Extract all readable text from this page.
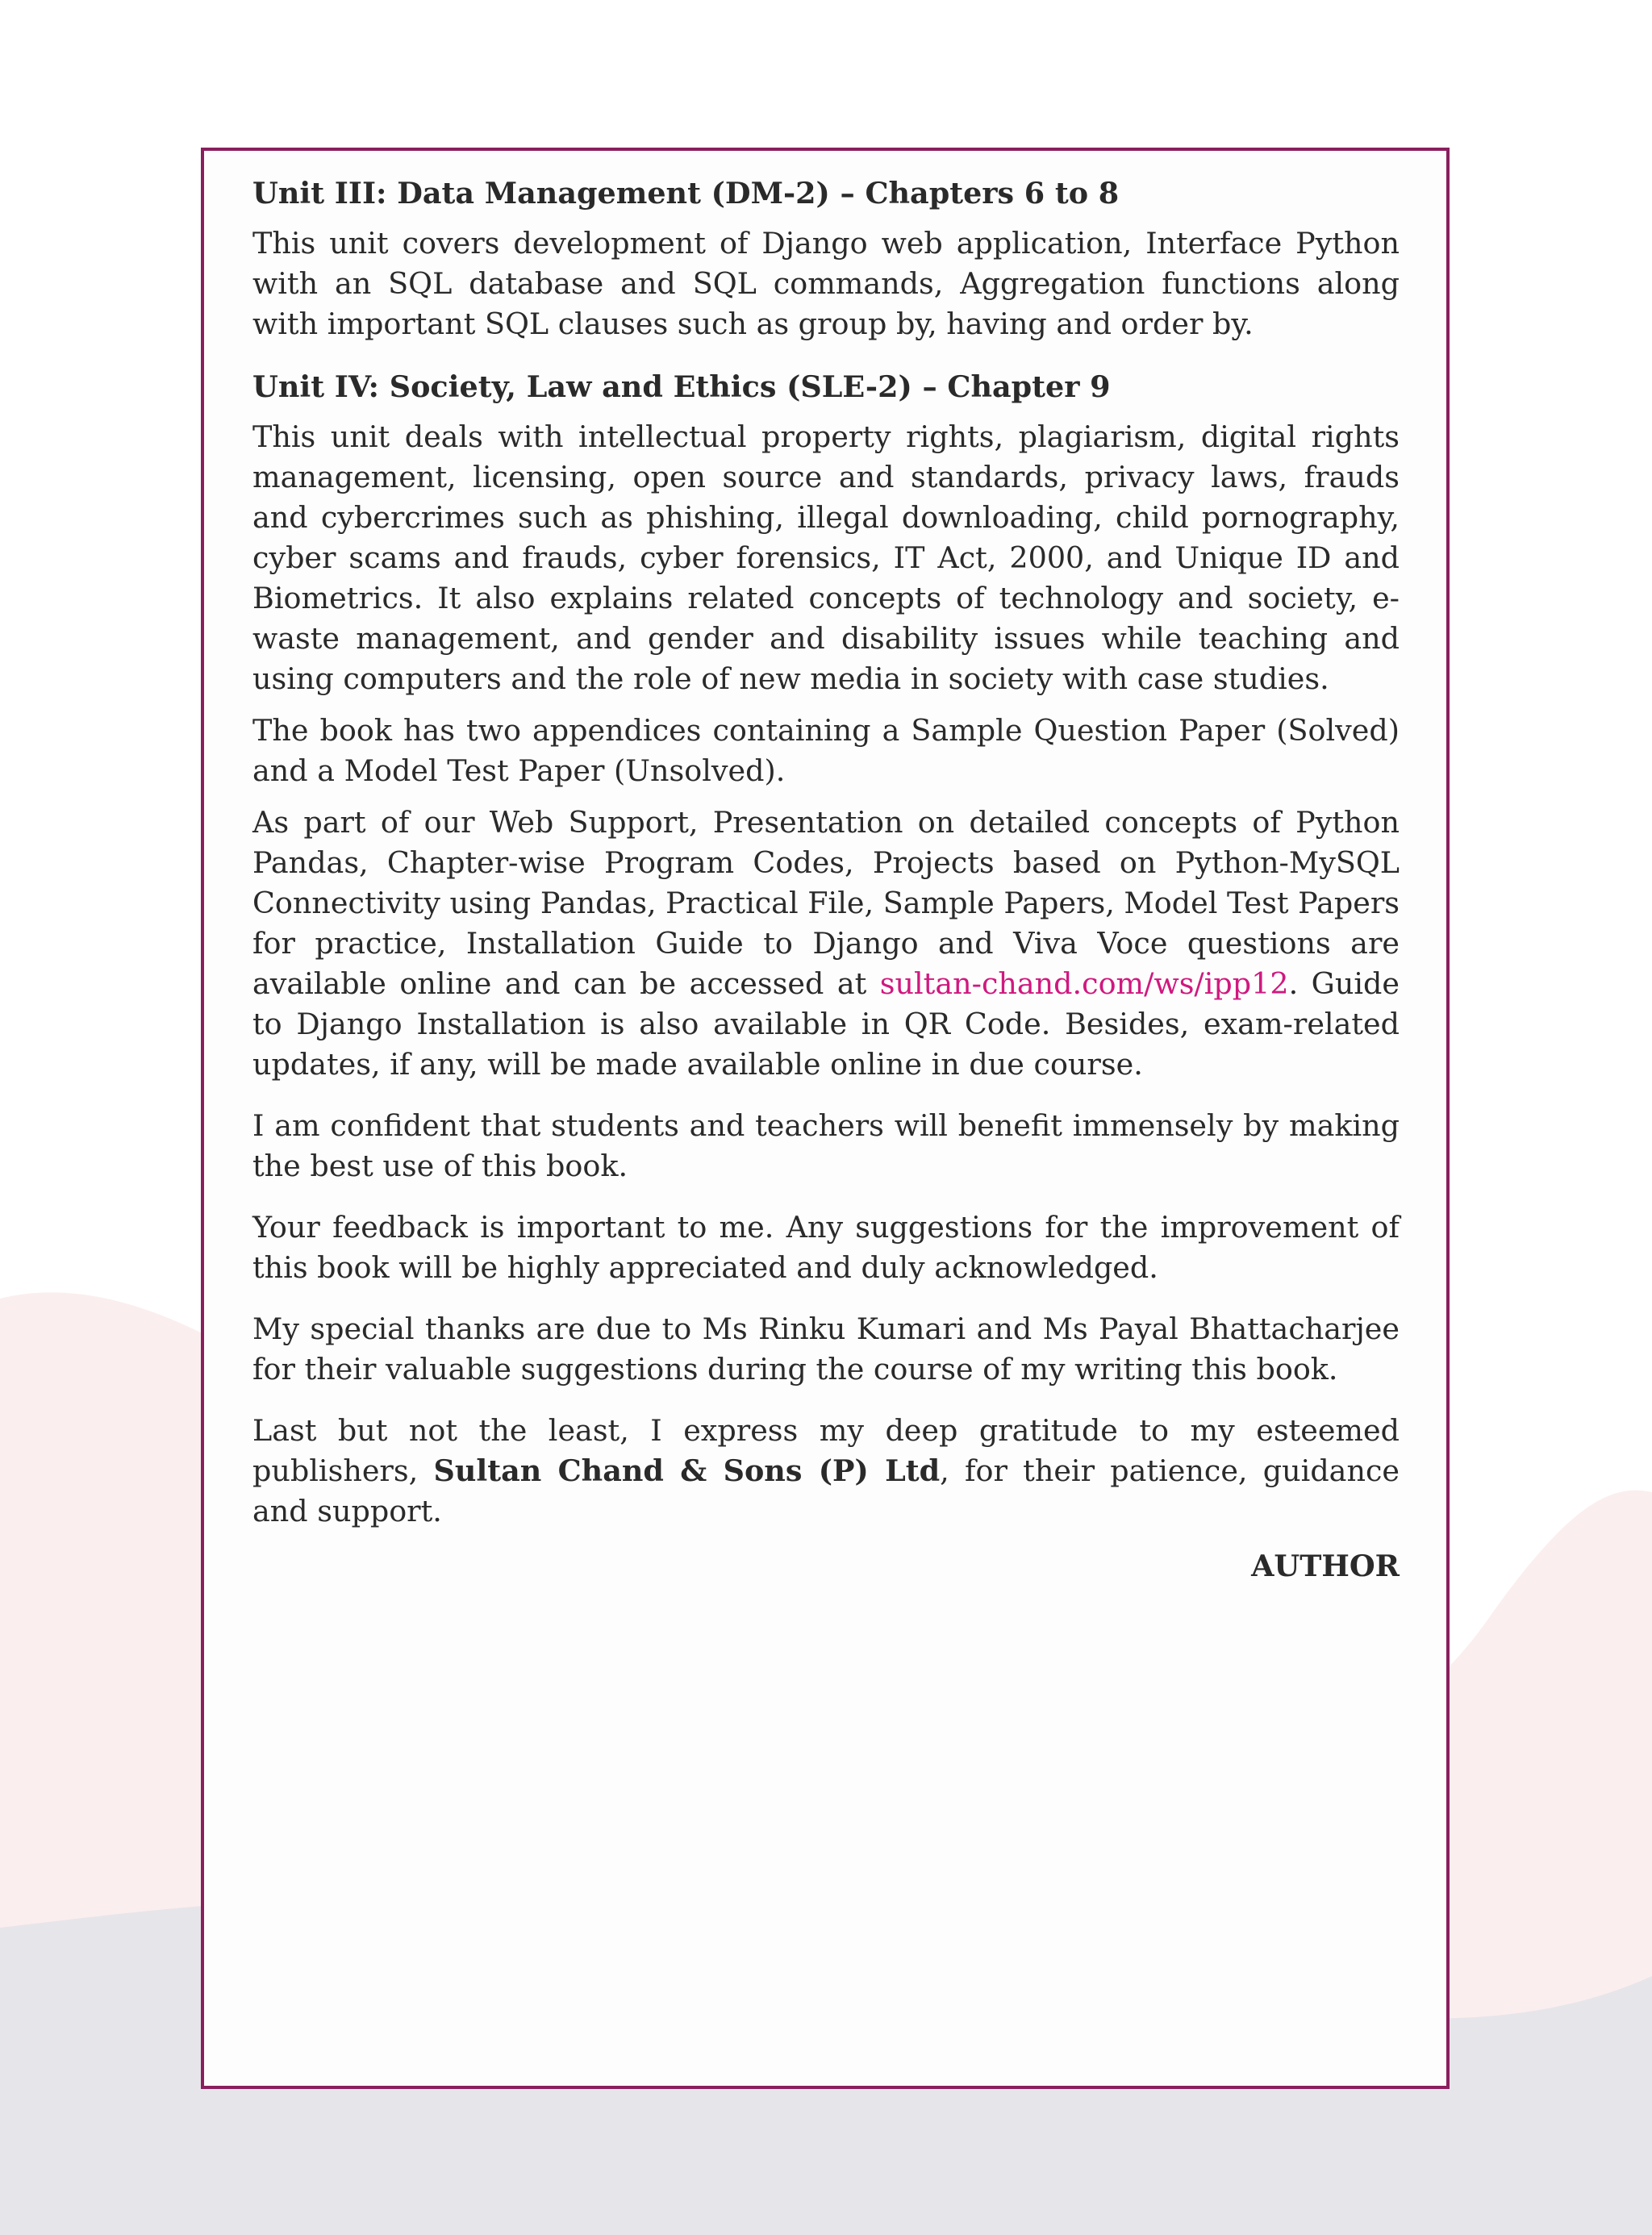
Unit III: Data Management (DM-2) – Chapters 6 to 8
This unit covers development of Django web application, Interface Python with an SQL database and SQL commands, Aggregation functions along with important SQL clauses such as group by, having and order by.
Unit IV: Society, Law and Ethics (SLE-2) – Chapter 9
This unit deals with intellectual property rights, plagiarism, digital rights management, licensing, open source and standards, privacy laws, frauds and cybercrimes such as phishing, illegal downloading, child pornography, cyber scams and frauds, cyber forensics, IT Act, 2000, and Unique ID and Biometrics. It also explains related concepts of technology and society, e-waste management, and gender and disability issues while teaching and using computers and the role of new media in society with case studies.
The book has two appendices containing a Sample Question Paper (Solved) and a Model Test Paper (Unsolved).
As part of our Web Support, Presentation on detailed concepts of Python Pandas, Chapter-wise Program Codes, Projects based on Python-MySQL Connectivity using Pandas, Practical File, Sample Papers, Model Test Papers for practice, Installation Guide to Django and Viva Voce questions are available online and can be accessed at sultan-chand.com/ws/ipp12. Guide to Django Installation is also available in QR Code. Besides, exam-related updates, if any, will be made available online in due course.
I am confident that students and teachers will benefit immensely by making the best use of this book.
Your feedback is important to me. Any suggestions for the improvement of this book will be highly appreciated and duly acknowledged.
My special thanks are due to Ms Rinku Kumari and Ms Payal Bhattacharjee for their valuable suggestions during the course of my writing this book.
Last but not the least, I express my deep gratitude to my esteemed publishers, Sultan Chand & Sons (P) Ltd, for their patience, guidance and support.
AUTHOR
